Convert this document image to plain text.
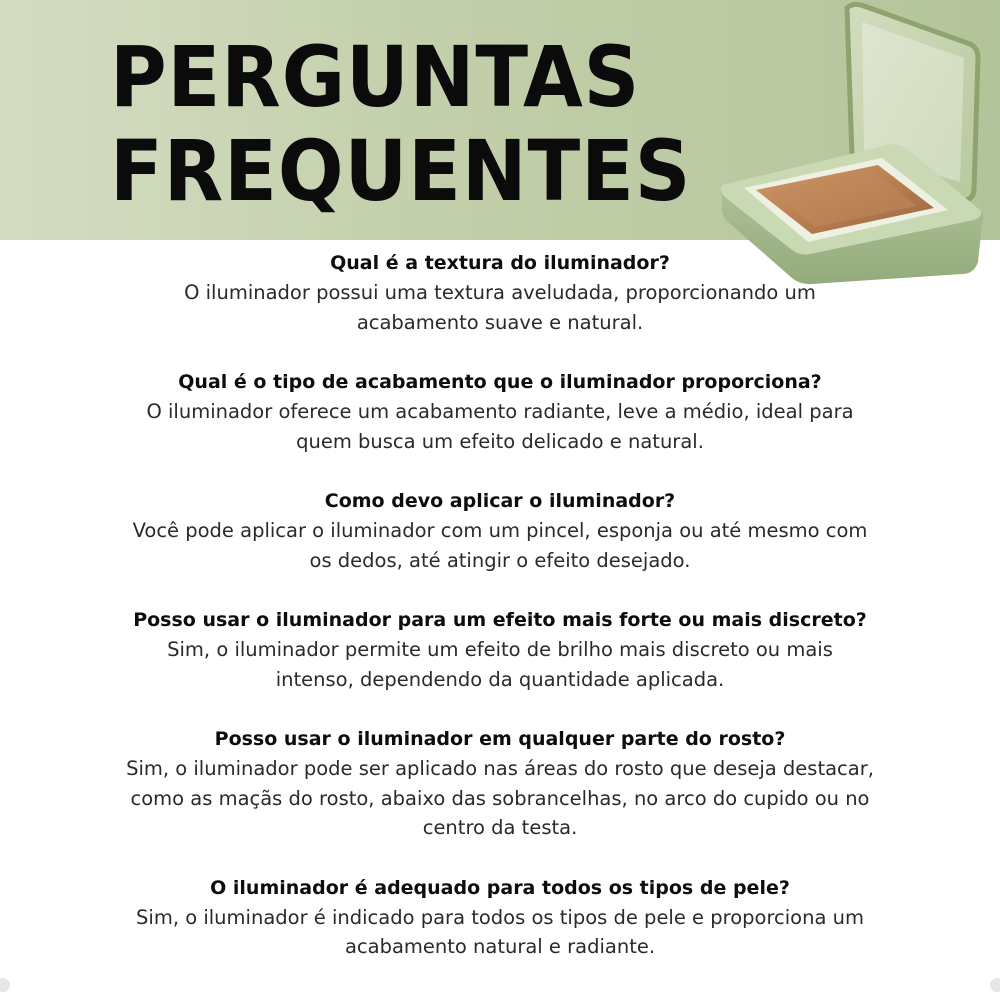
PERGUNTAS
FREQUENTES

Qual é a textura do iluminador?

O iluminador possui uma textura aveludada, proporcionando um
acabamento suave e natural.

Qual é o tipo de acabamento que o iluminador proporciona?

O iluminador oferece um acabamento radiante, leve a médio, ideal para
quem busca um efeito delicado e natural.

Como devo aplicar o iluminador?

Você pode aplicar o iluminador com um pincel, esponja ou até mesmo com
os dedos, até atingir o efeito desejado.

Posso usar o iluminador para um efeito mais forte ou mais discreto?

Sim, o iluminador permite um efeito de brilho mais discreto ou mais
intenso, dependendo da quantidade aplicada.

Posso usar o iluminador em qualquer parte do rosto?

Sim, o iluminador pode ser aplicado nas áreas do rosto que deseja destacar,
como as maçãs do rosto, abaixo das sobrancelhas, no arco do cupido ou no
centro da testa.

O iluminador é adequado para todos os tipos de pele?

Sim, o iluminador é indicado para todos os tipos de pele e proporciona um
acabamento natural e radiante.
